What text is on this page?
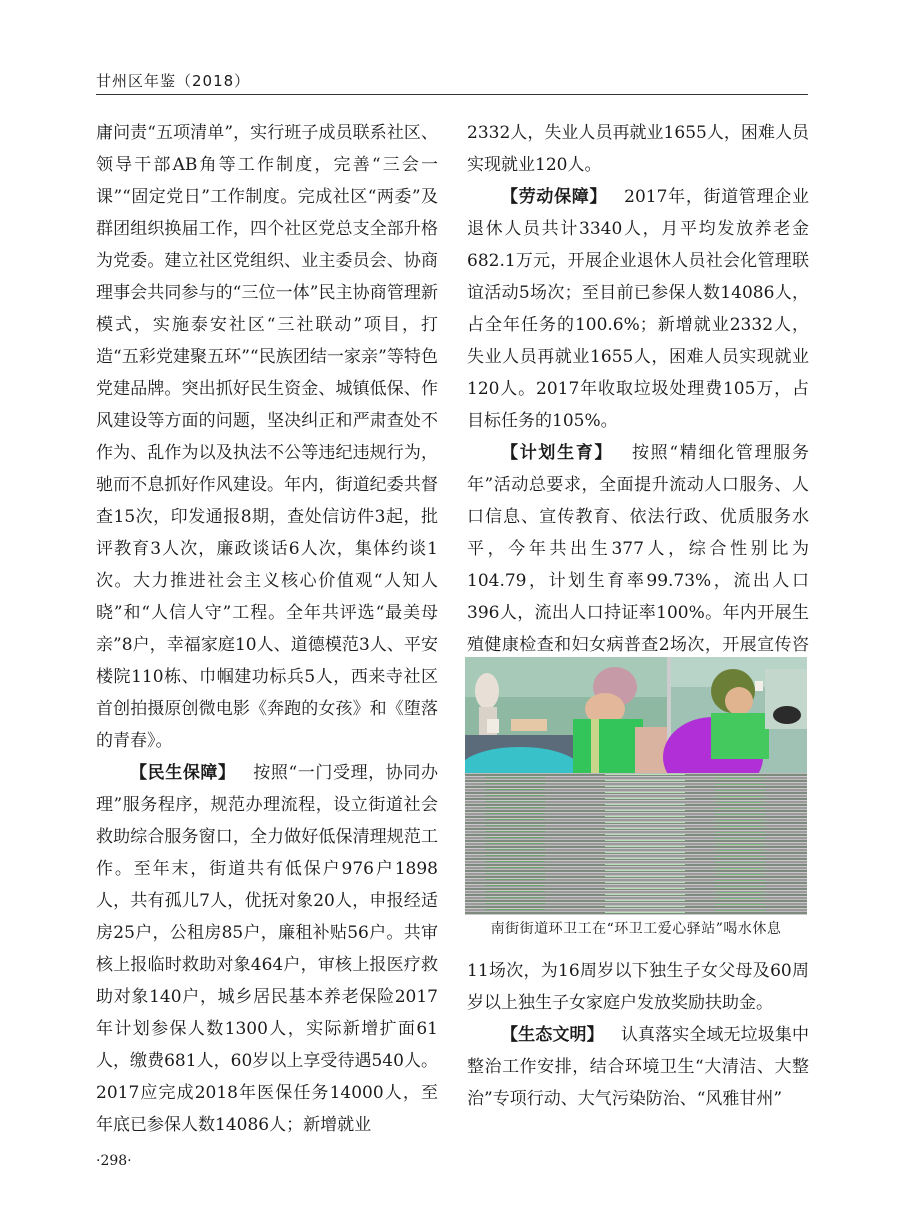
甘州区年鉴（2018）

庸问责“五项清单”，实行班子成员联系社区、领导干部AB角等工作制度，完善“三会一课”“固定党日”工作制度。完成社区“两委”及群团组织换届工作，四个社区党总支全部升格为党委。建立社区党组织、业主委员会、协商理事会共同参与的“三位一体”民主协商管理新模式，实施泰安社区“三社联动”项目，打造“五彩党建聚五环”“民族团结一家亲”等特色党建品牌。突出抓好民生资金、城镇低保、作风建设等方面的问题，坚决纠正和严肃查处不作为、乱作为以及执法不公等违纪违规行为，驰而不息抓好作风建设。年内，街道纪委共督查15次，印发通报8期，查处信访件3起，批评教育3人次，廉政谈话6人次，集体约谈1次。大力推进社会主义核心价值观“人知人晓”和“人信人守”工程。全年共评选“最美母亲”8户，幸福家庭10人、道德模范3人、平安楼院110栋、巾帼建功标兵5人，西来寺社区首创拍摄原创微电影《奔跑的女孩》和《堕落的青春》。

【民生保障】  按照“一门受理，协同办理”服务程序，规范办理流程，设立街道社会救助综合服务窗口，全力做好低保清理规范工作。至年末，街道共有低保户976户1898人，共有孤儿7人，优抚对象20人，申报经适房25户，公租房85户，廉租补贴56户。共审核上报临时救助对象464户，审核上报医疗救助对象140户，城乡居民基本养老保险2017年计划参保人数1300人，实际新增扩面61人，缴费681人，60岁以上享受待遇540人。2017应完成2018年医保任务14000人，至年底已参保人数14086人；新增就业

2332人，失业人员再就业1655人，困难人员实现就业120人。

【劳动保障】  2017年，街道管理企业退休人员共计3340人，月平均发放养老金682.1万元，开展企业退休人员社会化管理联谊活动5场次；至目前已参保人数14086人，占全年任务的100.6%；新增就业2332人，失业人员再就业1655人，困难人员实现就业120人。2017年收取垃圾处理费105万，占目标任务的105%。

【计划生育】  按照“精细化管理服务年”活动总要求，全面提升流动人口服务、人口信息、宣传教育、依法行政、优质服务水平，今年共出生377人，综合性别比为104.79，计划生育率99.73%，流出人口396人，流出人口持证率100%。年内开展生殖健康检查和妇女病普查2场次，开展宣传咨

南街街道环卫工在“环卫工爱心驿站”喝水休息

11场次，为16周岁以下独生子女父母及60周岁以上独生子女家庭户发放奖励扶助金。

【生态文明】  认真落实全域无垃圾集中整治工作安排，结合环境卫生“大清洁、大整治”专项行动、大气污染防治、“风雅甘州”

·298·
